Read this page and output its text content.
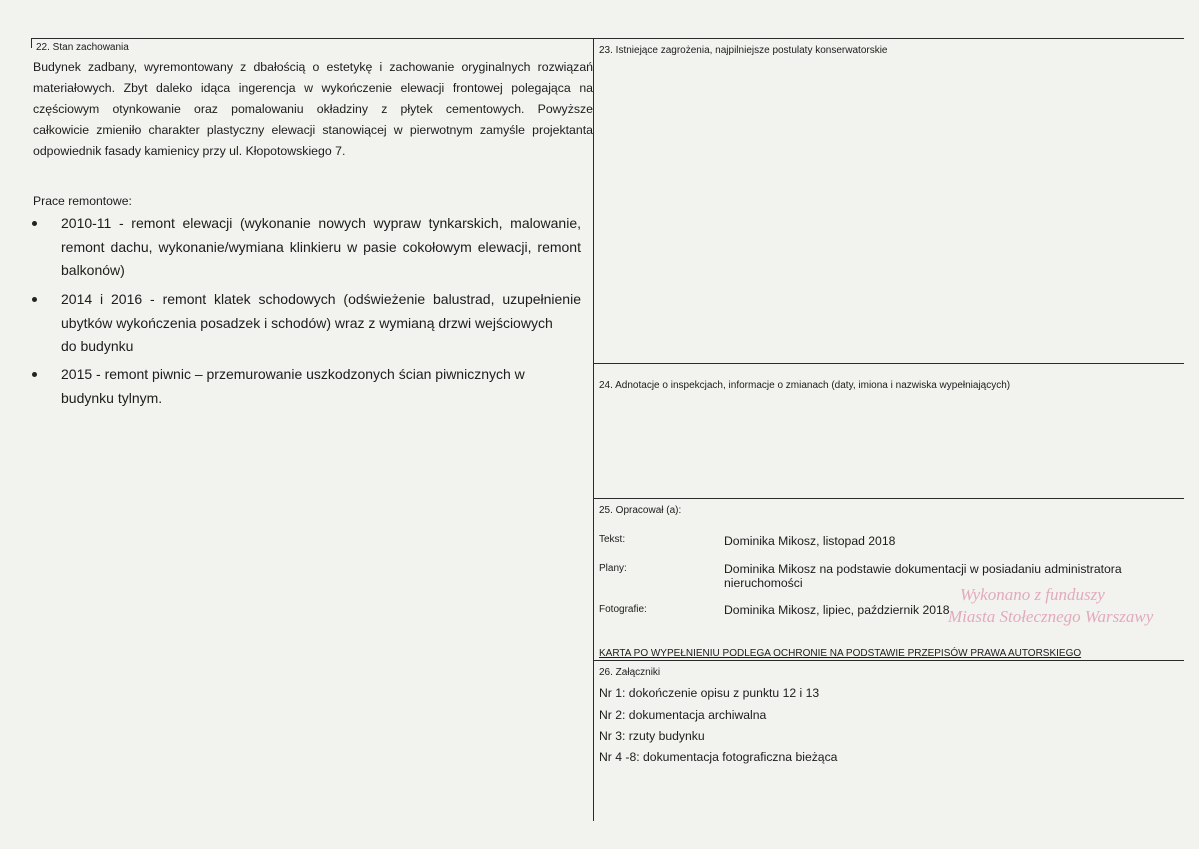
22. Stan zachowania
Budynek zadbany, wyremontowany z dbałością o estetykę i zachowanie oryginalnych rozwiązań
materiałowych. Zbyt daleko idąca ingerencja w wykończenie elewacji frontowej polegająca na
częściowym otynkowanie oraz pomalowaniu okładziny z płytek cementowych. Powyższe
całkowicie zmieniło charakter plastyczny elewacji stanowiącej w pierwotnym zamyśle projektanta
odpowiednik fasady kamienicy przy ul. Kłopotowskiego 7.
Prace remontowe:
2010-11 - remont elewacji (wykonanie nowych wypraw tynkarskich, malowanie,
remont dachu, wykonanie/wymiana klinkieru w pasie cokołowym elewacji, remont
balkonów)
2014 i 2016 - remont klatek schodowych (odświeżenie balustrad, uzupełnienie
ubytków wykończenia posadzek i schodów) wraz z wymianą drzwi wejściowych
do budynku
2015 - remont piwnic – przemurowanie uszkodzonych ścian piwnicznych w
budynku tylnym.
23. Istniejące zagrożenia, najpilniejsze postulaty konserwatorskie
24. Adnotacje o inspekcjach, informacje o zmianach (daty, imiona i nazwiska wypełniających)
25. Opracował (a):
Tekst:	Dominika Mikosz, listopad 2018
Plany:	Dominika Mikosz na podstawie dokumentacji w posiadaniu administratora
nieruchomości
Fotografie:	Dominika Mikosz, lipiec, październik 2018
Wykonano z funduszy
Miasta Stołecznego Warszawy
KARTA PO WYPEŁNIENIU PODLEGA OCHRONIE NA PODSTAWIE PRZEPISÓW PRAWA AUTORSKIEGO
26. Załączniki
Nr 1: dokończenie opisu z punktu 12 i 13
Nr 2: dokumentacja archiwalna
Nr 3: rzuty budynku
Nr 4 -8: dokumentacja fotograficzna bieżąca
